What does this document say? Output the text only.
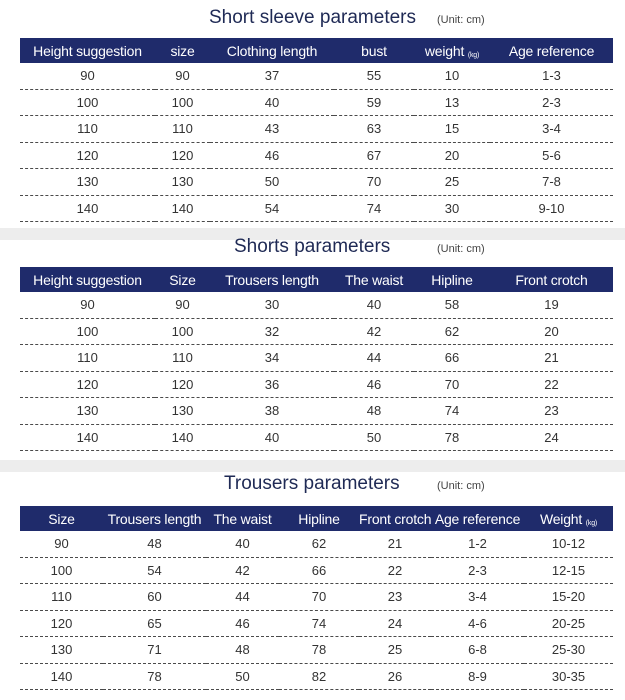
Short sleeve parameters (Unit: cm)
Height suggestion	size	Clothing length	bust	weight (kg)	Age reference
90	90	37	55	10	1-3
100	100	40	59	13	2-3
110	110	43	63	15	3-4
120	120	46	67	20	5-6
130	130	50	70	25	7-8
140	140	54	74	30	9-10
Shorts parameters	(Unit: cm)
Height suggestion	Size	Trousers length	The waist	Hipline	Front crotch
90	90	30	40	58	19
100	100	32	42	62	20
110	110	34	44	66	21
120	120	36	46	70	22
130	130	38	48	74	23
140	140	40	50	78	24
Trousers parameters	(Unit: cm)
Size	Trousers length	The waist	Hipline	Front crotch	Age reference	Weight (kg)
90	48	40	62	21	1-2	10-12
100	54	42	66	22	2-3	12-15
110	60	44	70	23	3-4	15-20
120	65	46	74	24	4-6	20-25
130	71	48	78	25	6-8	25-30
140	78	50	82	26	8-9	30-35
